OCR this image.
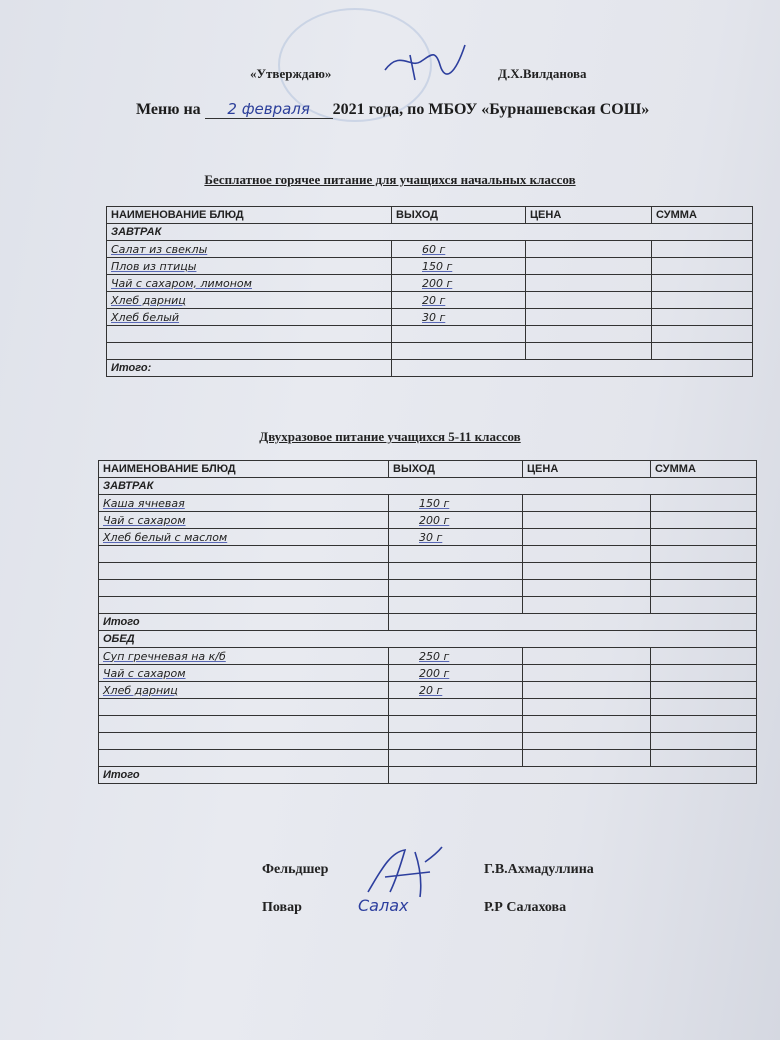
«Утверждаю»	Д.Х.Вилданова
Меню на 2 февраля 2021 года, по МБОУ «Бурнашевская СОШ»
Бесплатное горячее питание для учащихся начальных классов
НАИМЕНОВАНИЕ БЛЮД	ВЫХОД	ЦЕНА	СУММА
ЗАВТРАК			
Салат из свеклы	60 г		
Плов из птицы	150 г		
Чай с сахаром, лимоном	200 г		
Хлеб дарниц	20 г		
Хлеб белый	30 г		

Итого:			
Двухразовое питание учащихся 5-11 классов
НАИМЕНОВАНИЕ БЛЮД	ВЫХОД	ЦЕНА	СУММА
ЗАВТРАК			
Каша ячневая	150 г		
Чай с сахаром	200 г		
Хлеб белый с маслом	30 г		

Итого			
ОБЕД			
Суп гречневая на к/б	250 г		
Чай с сахаром	200 г		
Хлеб дарниц	20 г		

Итого			
Фельдшер	Г.В.Ахмадуллина
Повар	Р.Р Салахова
Салах
